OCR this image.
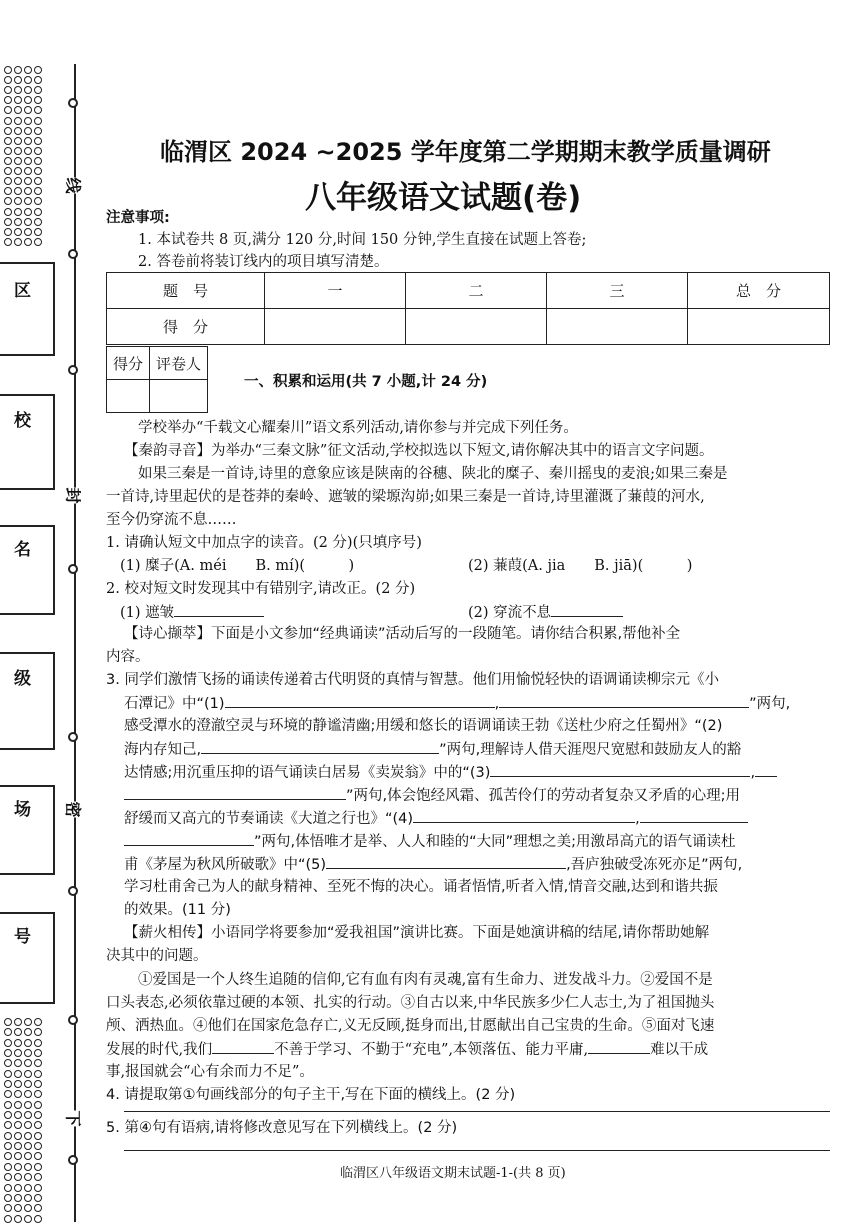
区
校
名
级
场
号
线
封
密
下
临渭区 2024 ~2025 学年度第二学期期末教学质量调研
八年级语文试题(卷)
注意事项:
1. 本试卷共 8 页,满分 120 分,时间 150 分钟,学生直接在试题上答卷;
2. 答卷前将装订线内的项目填写清楚。
题　号	一	二	三	总　分
得　分				
得分	评卷人

一、积累和运用(共 7 小题,计 24 分)
学校举办“千载文心耀秦川”语文系列活动,请你参与并完成下列任务。
【秦韵寻音】为举办“三秦文脉”征文活动,学校拟选以下短文,请你解决其中的语言文字问题。
如果三秦是一首诗,诗里的意象应该是陕南的谷穗、陕北的糜子、秦川摇曳的麦浪;如果三秦是
一首诗,诗里起伏的是苍莽的秦岭、遮皱的梁塬沟峁;如果三秦是一首诗,诗里灌溉了蒹葭的河水,
至今仍穿流不息……
1. 请确认短文中加点字的读音。(2 分)(只填序号)
(1) 糜子(A. méi　　B. mí)(　　　)	(2) 蒹葭(A. jia　　B. jiā)(　　　)
2. 校对短文时发现其中有错别字,请改正。(2 分)
(1) 遮皱	(2) 穿流不息
【诗心撷萃】下面是小文参加“经典诵读”活动后写的一段随笔。请你结合积累,帮他补全
内容。
3. 同学们激情飞扬的诵读传递着古代明贤的真情与智慧。他们用愉悦轻快的语调诵读柳宗元《小
石潭记》中“(1)	,	”两句,
感受潭水的澄澈空灵与环境的静谧清幽;用缓和悠长的语调诵读王勃《送杜少府之任蜀州》“(2)
海内存知己,	”两句,理解诗人借天涯咫尺宽慰和鼓励友人的豁
达情感;用沉重压抑的语气诵读白居易《卖炭翁》中的“(3)	,
”两句,体会饱经风霜、孤苦伶仃的劳动者复杂又矛盾的心理;用
舒缓而又高亢的节奏诵读《大道之行也》“(4)	,
”两句,体悟唯才是举、人人和睦的“大同”理想之美;用激昂高亢的语气诵读杜
甫《茅屋为秋风所破歌》中“(5)	,吾庐独破受冻死亦足”两句,
学习杜甫舍己为人的献身精神、至死不悔的决心。诵者悟情,听者入情,情音交融,达到和谐共振
的效果。(11 分)
【薪火相传】小语同学将要参加“爱我祖国”演讲比赛。下面是她演讲稿的结尾,请你帮助她解
决其中的问题。
①爱国是一个人终生追随的信仰,它有血有肉有灵魂,富有生命力、迸发战斗力。②爱国不是
口头表态,必须依靠过硬的本领、扎实的行动。③自古以来,中华民族多少仁人志士,为了祖国抛头
颅、洒热血。④他们在国家危急存亡,义无反顾,挺身而出,甘愿献出自己宝贵的生命。⑤面对飞速
发展的时代,我们	不善于学习、不勤于“充电”,本领落伍、能力平庸,	难以干成
事,报国就会“心有余而力不足”。
4. 请提取第①句画线部分的句子主干,写在下面的横线上。(2 分)
5. 第④句有语病,请将修改意见写在下列横线上。(2 分)
临渭区八年级语文期末试题-1-(共 8 页)
